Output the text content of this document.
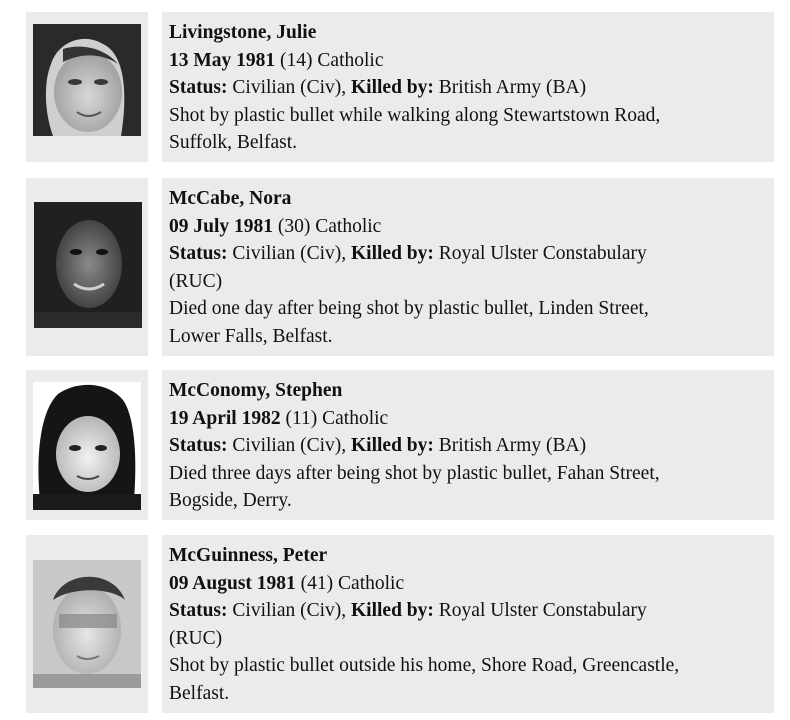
Livingstone, Julie
13 May 1981 (14) Catholic
Status: Civilian (Civ), Killed by: British Army (BA)
Shot by plastic bullet while walking along Stewartstown Road,
Suffolk, Belfast.
McCabe, Nora
09 July 1981 (30) Catholic
Status: Civilian (Civ), Killed by: Royal Ulster Constabulary
(RUC)
Died one day after being shot by plastic bullet, Linden Street,
Lower Falls, Belfast.
McConomy, Stephen
19 April 1982 (11) Catholic
Status: Civilian (Civ), Killed by: British Army (BA)
Died three days after being shot by plastic bullet, Fahan Street,
Bogside, Derry.
McGuinness, Peter
09 August 1981 (41) Catholic
Status: Civilian (Civ), Killed by: Royal Ulster Constabulary
(RUC)
Shot by plastic bullet outside his home, Shore Road, Greencastle,
Belfast.
